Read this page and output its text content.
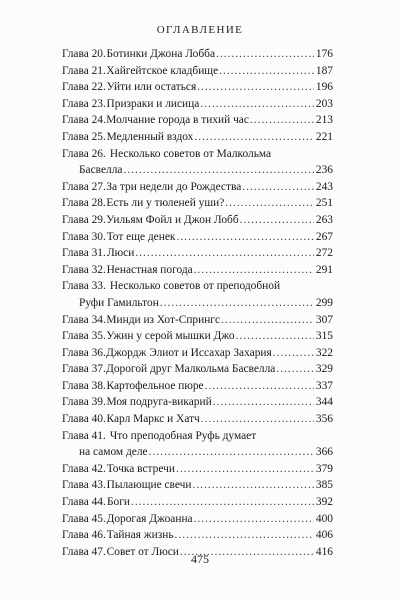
ОГЛАВЛЕНИЕ
Глава 20. Ботинки Джона Лобба .....	176
Глава 21. Хайгейтское кладбище .....	187
Глава 22. Уйти или остаться .....	196
Глава 23. Призраки и лисица .....	203
Глава 24. Молчание города в тихий час .....	213
Глава 25. Медленный вздох .....	221
Глава 26. Несколько советов от Малкольма
Басвелла .....	236
Глава 27. За три недели до Рождества .....	243
Глава 28. Есть ли у тюленей уши? .....	251
Глава 29. Уильям Фойл и Джон Лобб .....	263
Глава 30. Тот еще денек .....	267
Глава 31. Люси .....	272
Глава 32. Ненастная погода .....	291
Глава 33. Несколько советов от преподобной
Руфи Гамильтон .....	299
Глава 34. Минди из Хот-Спрингс .....	307
Глава 35. Ужин у серой мышки Джо .....	315
Глава 36. Джордж Элиот и Иссахар Захария .....	322
Глава 37. Дорогой друг Малкольма Басвелла .....	329
Глава 38. Картофельное пюре .....	337
Глава 39. Моя подруга-викарий .....	344
Глава 40. Карл Маркс и Хатч .....	356
Глава 41. Что преподобная Руфь думает
на самом деле .....	366
Глава 42. Точка встречи .....	379
Глава 43. Пылающие свечи .....	385
Глава 44. Боги .....	392
Глава 45. Дорогая Джоанна .....	400
Глава 46. Тайная жизнь .....	406
Глава 47. Совет от Люси .....	416
475
